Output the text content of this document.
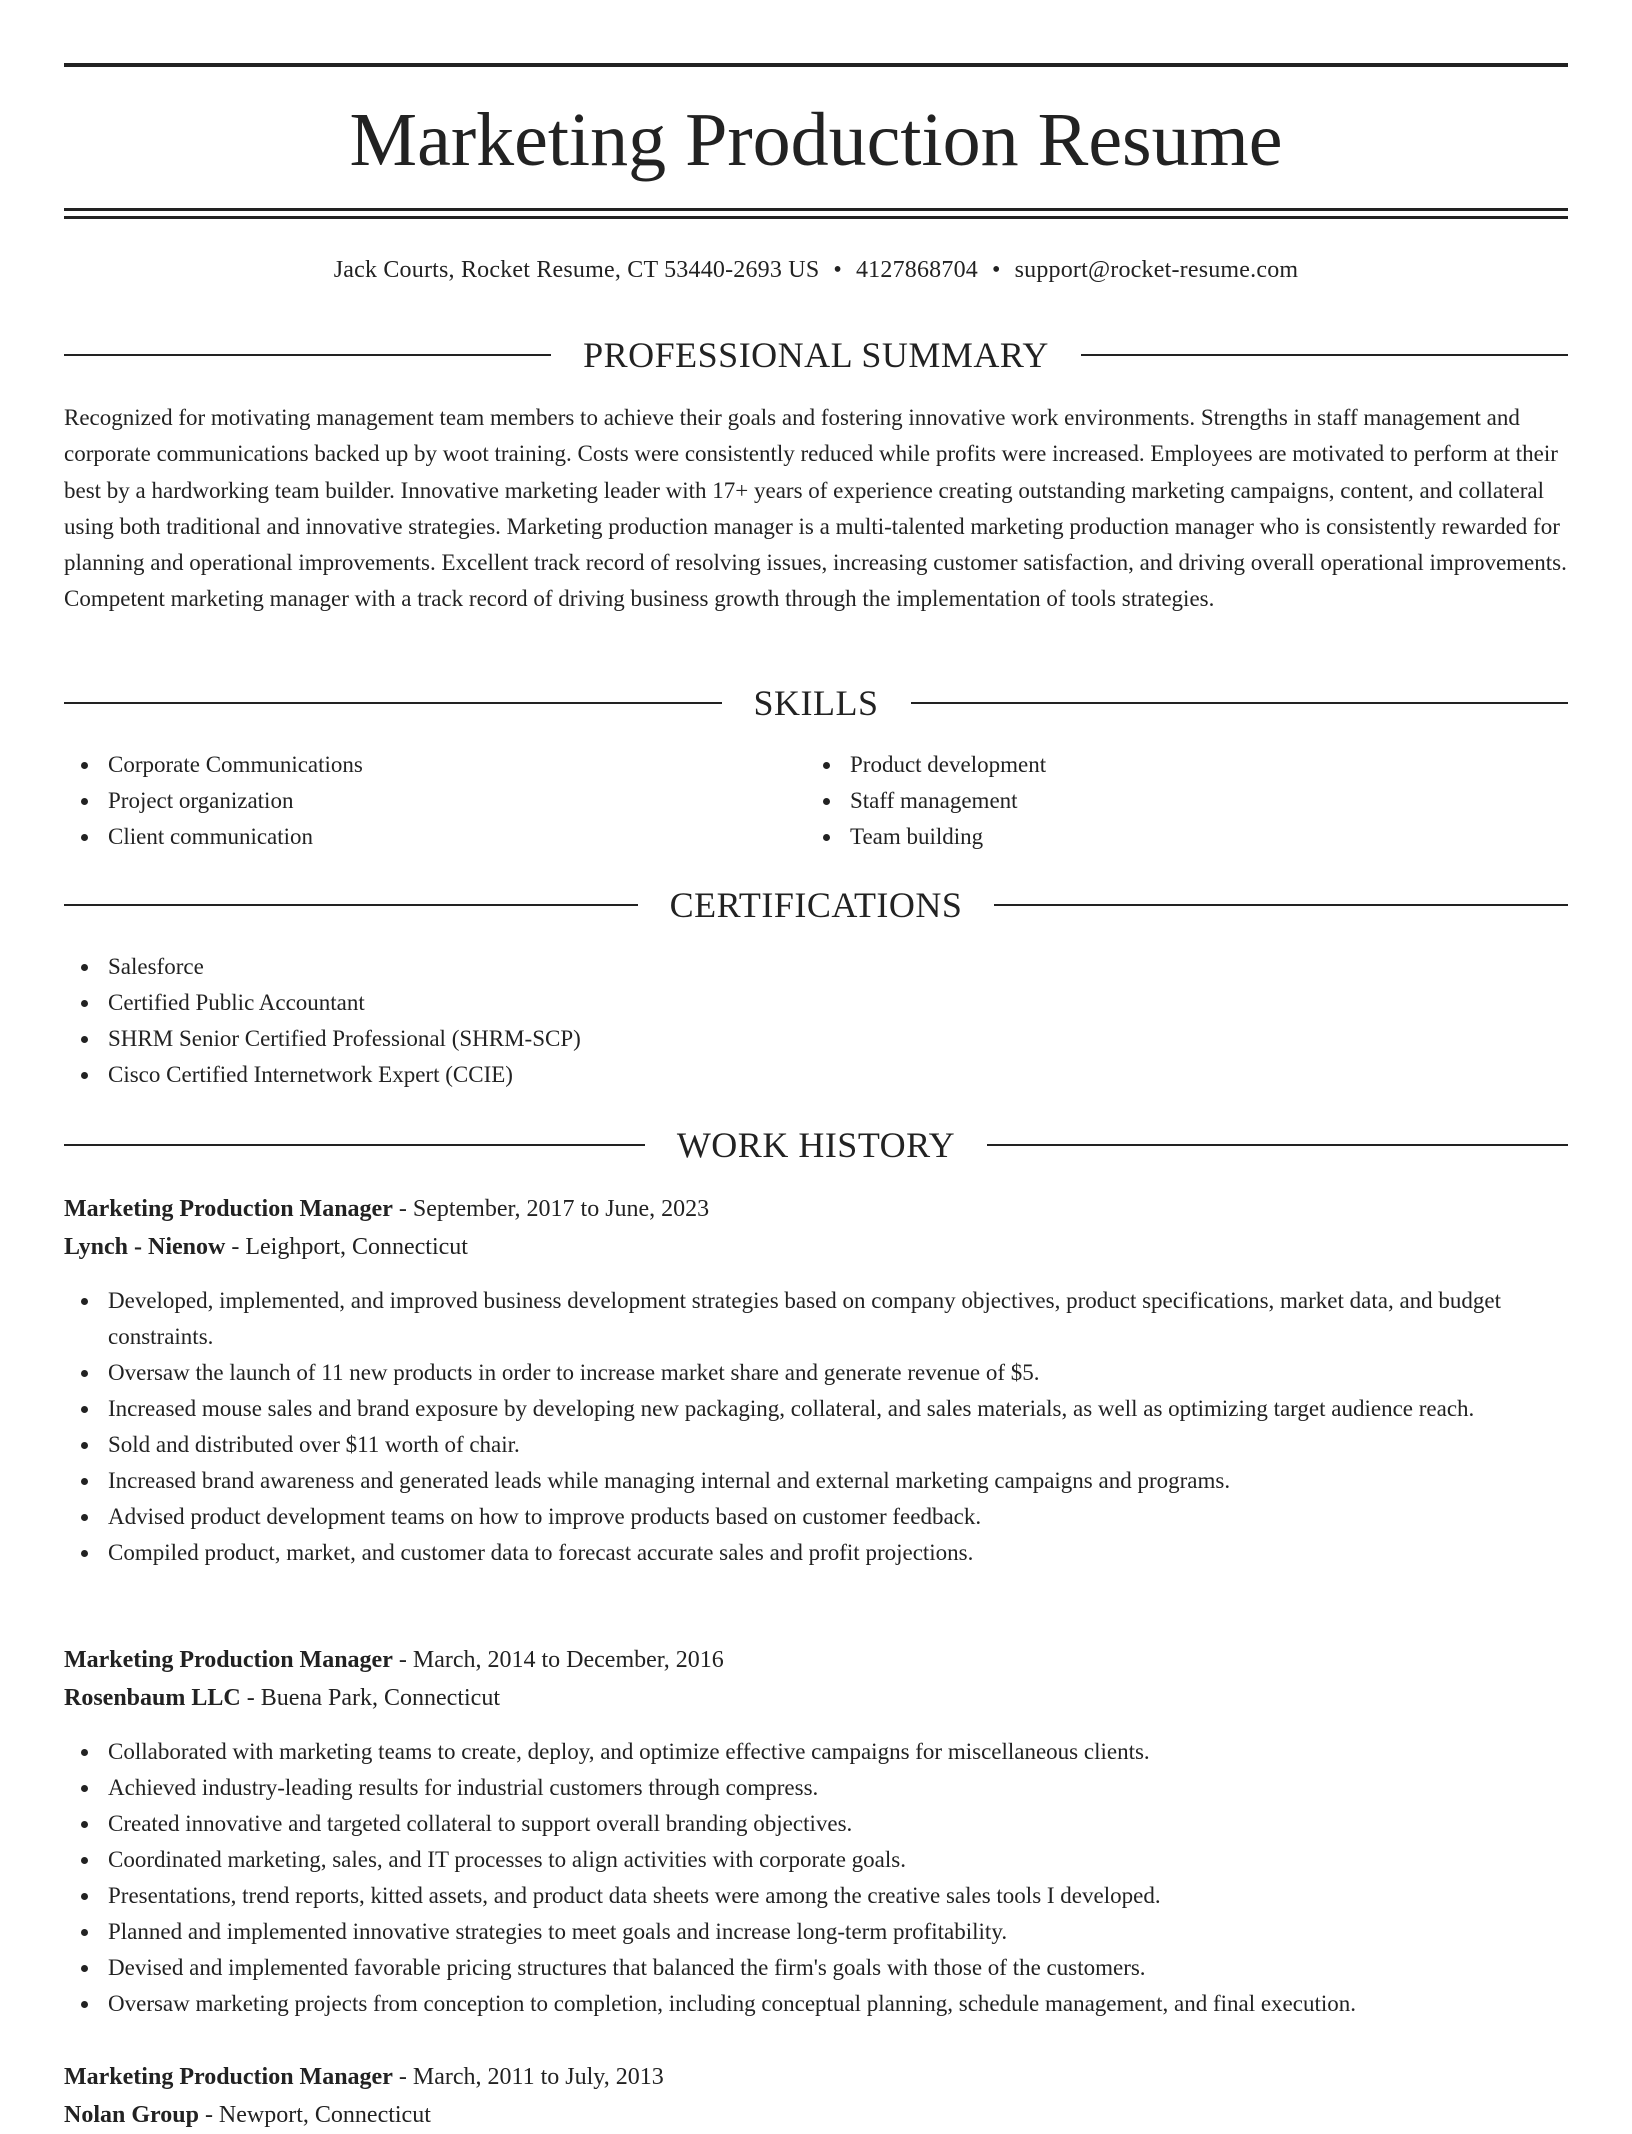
Marketing Production Resume
Jack Courts, Rocket Resume, CT 53440-2693 US • 4127868704 • support@rocket-resume.com
PROFESSIONAL SUMMARY

Recognized for motivating management team members to achieve their goals and fostering innovative work environments. Strengths in staff management and corporate communications backed up by woot training. Costs were consistently reduced while profits were increased. Employees are motivated to perform at their best by a hardworking team builder. Innovative marketing leader with 17+ years of experience creating outstanding marketing campaigns, content, and collateral using both traditional and innovative strategies. Marketing production manager is a multi-talented marketing production manager who is consistently rewarded for planning and operational improvements. Excellent track record of resolving issues, increasing customer satisfaction, and driving overall operational improvements. Competent marketing manager with a track record of driving business growth through the implementation of tools strategies.

SKILLS
Corporate Communications
Project organization
Client communication
Product development
Staff management
Team building
CERTIFICATIONS
Salesforce
Certified Public Accountant
SHRM Senior Certified Professional (SHRM-SCP)
Cisco Certified Internetwork Expert (CCIE)
WORK HISTORY
Marketing Production Manager - September, 2017 to June, 2023
Lynch - Nienow - Leighport, Connecticut
Developed, implemented, and improved business development strategies based on company objectives, product specifications, market data, and budget constraints.
Oversaw the launch of 11 new products in order to increase market share and generate revenue of $5.
Increased mouse sales and brand exposure by developing new packaging, collateral, and sales materials, as well as optimizing target audience reach.
Sold and distributed over $11 worth of chair.
Increased brand awareness and generated leads while managing internal and external marketing campaigns and programs.
Advised product development teams on how to improve products based on customer feedback.
Compiled product, market, and customer data to forecast accurate sales and profit projections.
Marketing Production Manager - March, 2014 to December, 2016
Rosenbaum LLC - Buena Park, Connecticut
Collaborated with marketing teams to create, deploy, and optimize effective campaigns for miscellaneous clients.
Achieved industry-leading results for industrial customers through compress.
Created innovative and targeted collateral to support overall branding objectives.
Coordinated marketing, sales, and IT processes to align activities with corporate goals.
Presentations, trend reports, kitted assets, and product data sheets were among the creative sales tools I developed.
Planned and implemented innovative strategies to meet goals and increase long-term profitability.
Devised and implemented favorable pricing structures that balanced the firm's goals with those of the customers.
Oversaw marketing projects from conception to completion, including conceptual planning, schedule management, and final execution.
Marketing Production Manager - March, 2011 to July, 2013
Nolan Group - Newport, Connecticut
